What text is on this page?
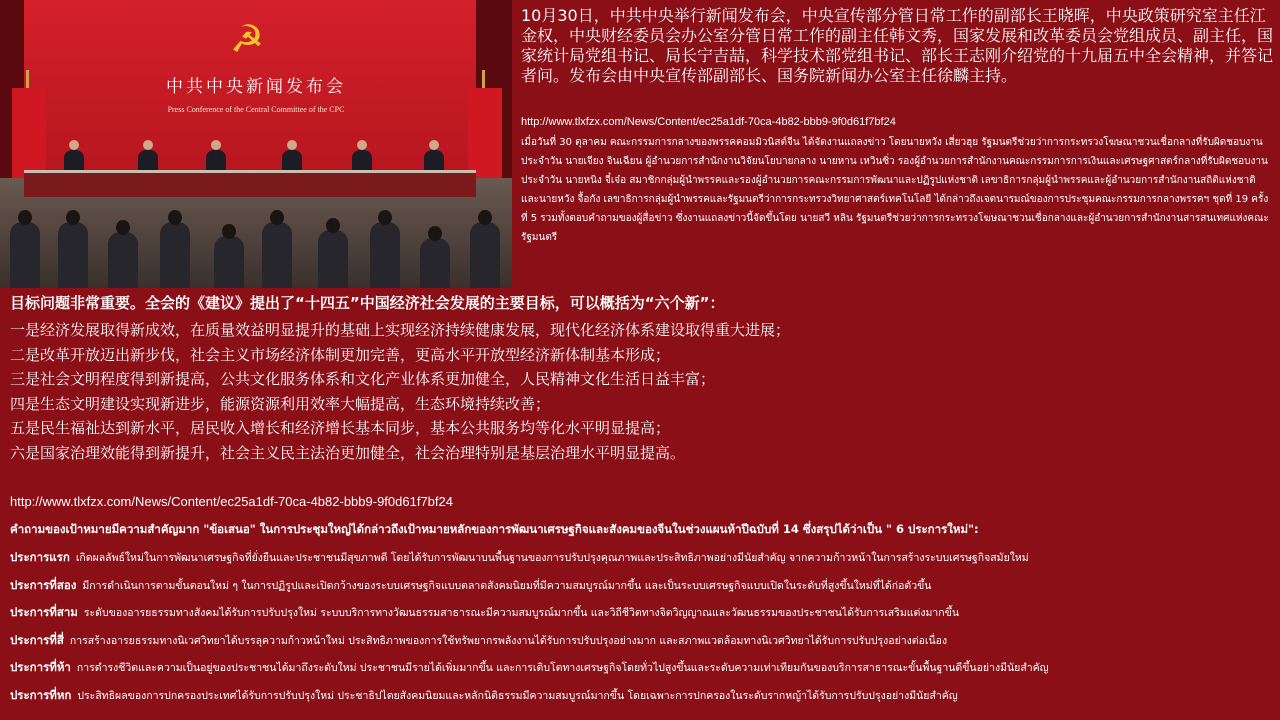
☭
中共中央新闻发布会
Press Conference of the Central Committee of the CPC

10月30日，中共中央举行新闻发布会，中央宣传部分管日常工作的副部长王晓晖，中央政策研究室主任江金权，中央财经委员会办公室分管日常工作的副主任韩文秀，国家发展和改革委员会党组成员、副主任，国家统计局党组书记、局长宁吉喆，科学技术部党组书记、部长王志刚介绍党的十九届五中全会精神，并答记者问。发布会由中央宣传部副部长、国务院新闻办公室主任徐麟主持。

http://www.tlxfzx.com/News/Content/ec25a1df-70ca-4b82-bbb9-9f0d61f7bf24

เมื่อวันที่ 30 ตุลาคม คณะกรรมการกลางของพรรคคอมมิวนิสต์จีน ได้จัดงานแถลงข่าว โดยนายหวัง เสี่ยวฮุย รัฐมนตรีช่วยว่าการกระทรวงโฆษณาชวนเชื่อกลางที่รับผิดชอบงานประจำวัน นายเจียง จินเฉียน ผู้อำนวยการสำนักงานวิจัยนโยบายกลาง นายหาน เหวินซิ่ว รองผู้อำนวยการสำนักงานคณะกรรมการการเงินและเศรษฐศาสตร์กลางที่รับผิดชอบงานประจำวัน นายหนิง จี๋เจ๋อ สมาชิกกลุ่มผู้นำพรรคและรองผู้อำนวยการคณะกรรมการพัฒนาและปฏิรูปแห่งชาติ เลขาธิการกลุ่มผู้นำพรรคและผู้อำนวยการสำนักงานสถิติแห่งชาติ และนายหวัง จื้อกัง เลขาธิการกลุ่มผู้นำพรรคและรัฐมนตรีว่าการกระทรวงวิทยาศาสตร์เทคโนโลยี ได้กล่าวถึงเจตนารมณ์ของการประชุมคณะกรรมการกลางพรรคฯ ชุดที่ 19 ครั้งที่ 5 รวมทั้งตอบคำถามของผู้สื่อข่าว ซึ่งงานแถลงข่าวนี้จัดขึ้นโดย นายสวี หลิน รัฐมนตรีช่วยว่าการกระทรวงโฆษณาชวนเชื่อกลางและผู้อำนวยการสำนักงานสารสนเทศแห่งคณะรัฐมนตรี

目标问题非常重要。全会的《建议》提出了“十四五”中国经济社会发展的主要目标，可以概括为“六个新”：

一是经济发展取得新成效，在质量效益明显提升的基础上实现经济持续健康发展，现代化经济体系建设取得重大进展；

二是改革开放迈出新步伐，社会主义市场经济体制更加完善，更高水平开放型经济新体制基本形成；

三是社会文明程度得到新提高，公共文化服务体系和文化产业体系更加健全，人民精神文化生活日益丰富；

四是生态文明建设实现新进步，能源资源利用效率大幅提高，生态环境持续改善；

五是民生福祉达到新水平，居民收入增长和经济增长基本同步，基本公共服务均等化水平明显提高；

六是国家治理效能得到新提升，社会主义民主法治更加健全，社会治理特别是基层治理水平明显提高。

http://www.tlxfzx.com/News/Content/ec25a1df-70ca-4b82-bbb9-9f0d61f7bf24

คำถามของเป้าหมายมีความสำคัญมาก "ข้อเสนอ" ในการประชุมใหญ่ได้กล่าวถึงเป้าหมายหลักของการพัฒนาเศรษฐกิจและสังคมของจีนในช่วงแผนห้าปีฉบับที่ 14 ซึ่งสรุปได้ว่าเป็น " 6 ประการใหม่":

ประการแรก เกิดผลลัพธ์ใหม่ในการพัฒนาเศรษฐกิจที่ยั่งยืนและประชาชนมีสุขภาพดี โดยได้รับการพัฒนาบนพื้นฐานของการปรับปรุงคุณภาพและประสิทธิภาพอย่างมีนัยสำคัญ จากความก้าวหน้าในการสร้างระบบเศรษฐกิจสมัยใหม่

ประการที่สอง มีการดำเนินการตามขั้นตอนใหม่ ๆ ในการปฏิรูปและเปิดกว้างของระบบเศรษฐกิจแบบตลาดสังคมนิยมที่มีความสมบูรณ์มากขึ้น และเป็นระบบเศรษฐกิจแบบเปิดในระดับที่สูงขึ้นใหม่ที่ได้ก่อตัวขึ้น

ประการที่สาม ระดับของอารยธรรมทางสังคมได้รับการปรับปรุงใหม่ ระบบบริการทางวัฒนธรรมสาธารณะมีความสมบูรณ์มากขึ้น และวิถีชีวิตทางจิตวิญญาณและวัฒนธรรมของประชาชนได้รับการเสริมแต่งมากขึ้น

ประการที่สี่ การสร้างอารยธรรมทางนิเวศวิทยาได้บรรลุความก้าวหน้าใหม่ ประสิทธิภาพของการใช้ทรัพยากรพลังงานได้รับการปรับปรุงอย่างมาก และสภาพแวดล้อมทางนิเวศวิทยาได้รับการปรับปรุงอย่างต่อเนื่อง

ประการที่ห้า การดำรงชีวิตและความเป็นอยู่ของประชาชนได้มาถึงระดับใหม่ ประชาชนมีรายได้เพิ่มมากขึ้น และการเติบโตทางเศรษฐกิจโดยทั่วไปสูงขึ้นและระดับความเท่าเทียมกันของบริการสาธารณะขั้นพื้นฐานดีขึ้นอย่างมีนัยสำคัญ

ประการที่หก ประสิทธิผลของการปกครองประเทศได้รับการปรับปรุงใหม่ ประชาธิปไตยสังคมนิยมและหลักนิติธรรมมีความสมบูรณ์มากขึ้น โดยเฉพาะการปกครองในระดับรากหญ้าได้รับการปรับปรุงอย่างมีนัยสำคัญ
